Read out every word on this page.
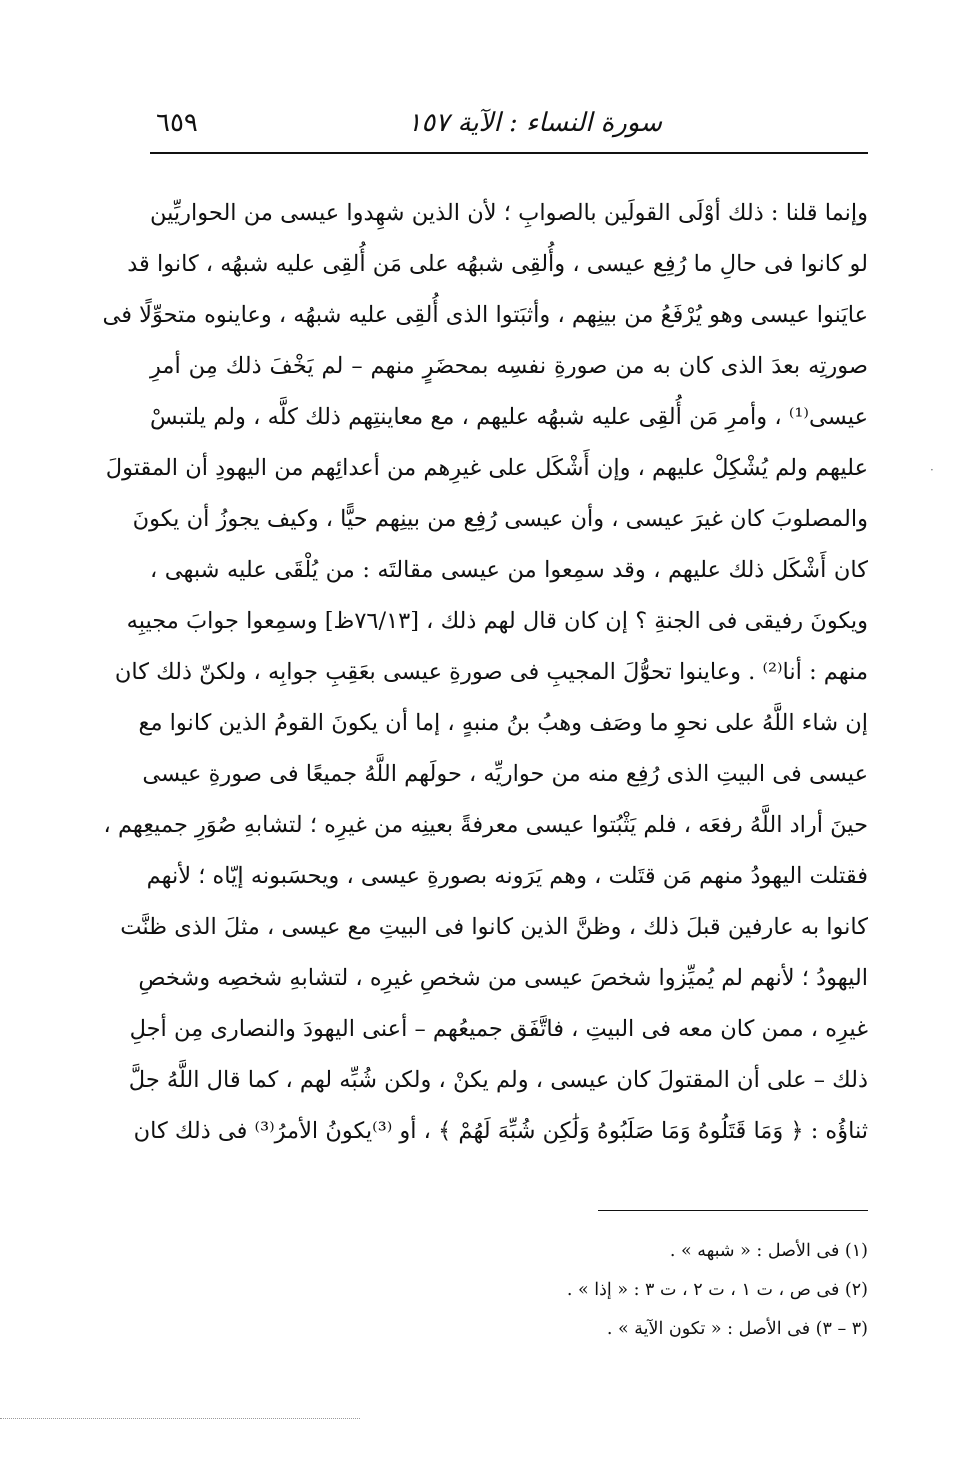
سورة النساء : الآية ١٥٧
٦٥٩
وإنما قلنا : ذلك أوْلَى القولَين بالصوابِ ؛ لأن الذين شهِدوا عيسى من الحواريِّين
لو كانوا فى حالِ ما رُفِع عيسى ، وأُلقِى شبهُه على مَن أُلقِى عليه شبهُه ، كانوا قد
عايَنوا عيسى وهو يُرْفَعُ من بينِهم ، وأثبَتوا الذى أُلقِى عليه شبهُه ، وعاينوه متحوِّلًا فى
صورتِه بعدَ الذى كان به من صورةِ نفسِه بمحضَرٍ منهم – لم يَخْفَ ذلك مِن أمرِ
عيسى⁽¹⁾ ، وأمرِ مَن أُلقِى عليه شبهُه عليهم ، مع معاينتِهم ذلك كلَّه ، ولم يلتبسْ
عليهم ولم يُشْكِلْ عليهم ، وإن أَشْكَل على غيرِهم من أعدائِهم من اليهودِ أن المقتولَ
والمصلوبَ كان غيرَ عيسى ، وأن عيسى رُفِع من بينِهم حيًّا ، وكيف يجوزُ أن يكونَ
كان أَشْكَل ذلك عليهم ، وقد سمِعوا من عيسى مقالتَه : من يُلْقَى عليه شبهى ،
ويكونَ رفيقى فى الجنةِ ؟ إن كان قال لهم ذلك ، [٧٦/١٣ظ] وسمِعوا جوابَ مجيبِه
منهم : أنا⁽²⁾ . وعاينوا تحوُّلَ المجيبِ فى صورةِ عيسى بعَقِبِ جوابِه ، ولكنّ ذلك كان
إن شاء اللَّهُ على نحوِ ما وصَف وهبُ بنُ منبهٍ ، إما أن يكونَ القومُ الذين كانوا مع
عيسى فى البيتِ الذى رُفِع منه من حواريِّه ، حولَهم اللَّهُ جميعًا فى صورةِ عيسى
حينَ أراد اللَّهُ رفعَه ، فلم يَثْبُتوا عيسى معرفةً بعينِه من غيرِه ؛ لتشابهِ صُوَرِ جميعِهم ،
فقتلت اليهودُ منهم مَن قتَلت ، وهم يَرَونه بصورةِ عيسى ، ويحسَبونه إيّاه ؛ لأنهم
كانوا به عارفين قبلَ ذلك ، وظنَّ الذين كانوا فى البيتِ مع عيسى ، مثلَ الذى ظنَّت
اليهودُ ؛ لأنهم لم يُميِّزوا شخصَ عيسى من شخصِ غيرِه ، لتشابهِ شخصِه وشخصِ
غيرِه ، ممن كان معه فى البيتِ ، فاتَّفَق جميعُهم – أعنى اليهودَ والنصارى مِن أجلِ
ذلك – على أن المقتولَ كان عيسى ، ولم يكنْ ، ولكن شُبِّه لهم ، كما قال اللَّهُ جلَّ
ثناؤُه : ﴿ وَمَا قَتَلُوهُ وَمَا صَلَبُوهُ وَلَٰكِن شُبِّهَ لَهُمْ ﴾ ، أو ⁽³⁾يكونُ الأمرُ⁽³⁾ فى ذلك كان
(١) فى الأصل : « شبهه » .
(٢) فى ص ، ت ١ ، ت ٢ ، ت ٣ : « إذا » .
(٣ – ٣) فى الأصل : « تكون الآية » .
·
